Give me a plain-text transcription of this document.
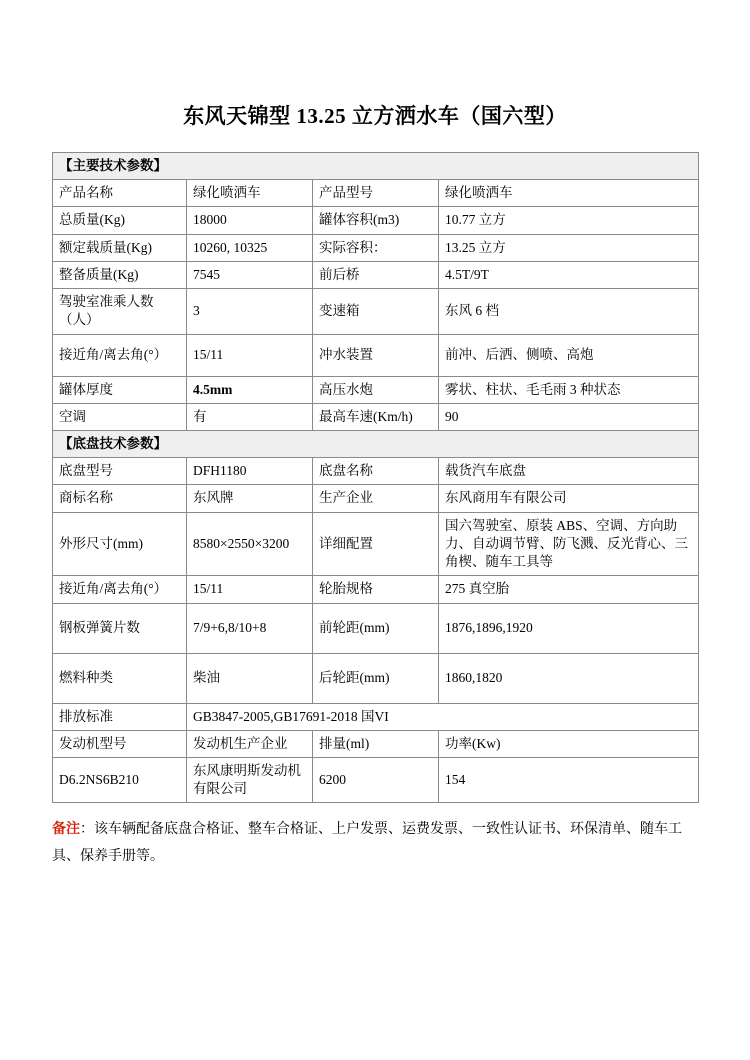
东风天锦型 13.25 立方洒水车（国六型）
【主要技术参数】			
产品名称	绿化喷洒车	产品型号	绿化喷洒车
总质量(Kg)	18000	罐体容积(m3)	10.77 立方
额定载质量(Kg)	10260, 10325	实际容积：	13.25 立方
整备质量(Kg)	7545	前后桥	4.5T/9T
驾驶室准乘人数（人）	3	变速箱	东风 6 档
接近角/离去角(°）	15/11	冲水装置	前冲、后洒、侧喷、高炮
罐体厚度	4.5mm	高压水炮	雾状、柱状、毛毛雨 3 种状态
空调	有	最高车速(Km/h)	90
【底盘技术参数】			
底盘型号	DFH1180	底盘名称	载货汽车底盘
商标名称	东风牌	生产企业	东风商用车有限公司
外形尺寸(mm)	8580×2550×3200	详细配置	国六驾驶室、原装 ABS、空调、方向助力、自动调节臂、防飞溅、反光背心、三角楔、随车工具等
接近角/离去角(°）	15/11	轮胎规格	275 真空胎
钢板弹簧片数	7/9+6,8/10+8	前轮距(mm)	1876,1896,1920
燃料种类	柴油	后轮距(mm)	1860,1820
排放标准	GB3847-2005,GB17691-2018 国VI		
发动机型号	发动机生产企业	排量(ml)	功率(Kw)
D6.2NS6B210	东风康明斯发动机有限公司	6200	154

备注：该车辆配备底盘合格证、整车合格证、上户发票、运费发票、一致性认证书、环保清单、随车工具、保养手册等。
